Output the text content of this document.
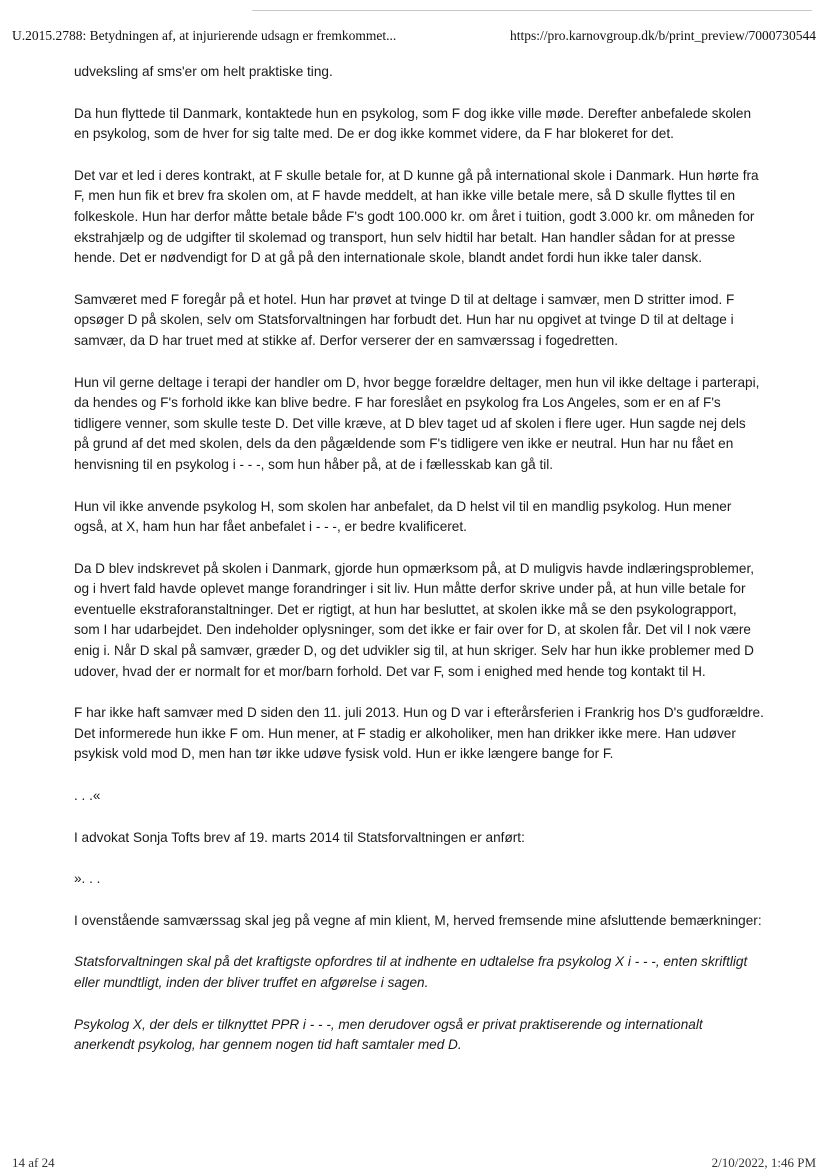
U.2015.2788: Betydningen af, at injurierende udsagn er fremkommet...	https://pro.karnovgroup.dk/b/print_preview/7000730544

udveksling af sms'er om helt praktiske ting.

Da hun flyttede til Danmark, kontaktede hun en psykolog, som F dog ikke ville møde. Derefter anbefalede skolen en psykolog, som de hver for sig talte med. De er dog ikke kommet videre, da F har blokeret for det.

Det var et led i deres kontrakt, at F skulle betale for, at D kunne gå på international skole i Danmark. Hun hørte fra F, men hun fik et brev fra skolen om, at F havde meddelt, at han ikke ville betale mere, så D skulle flyttes til en folkeskole. Hun har derfor måtte betale både F's godt 100.000 kr. om året i tuition, godt 3.000 kr. om måneden for ekstrahjælp og de udgifter til skolemad og transport, hun selv hidtil har betalt. Han handler sådan for at presse hende. Det er nødvendigt for D at gå på den internationale skole, blandt andet fordi hun ikke taler dansk.

Samværet med F foregår på et hotel. Hun har prøvet at tvinge D til at deltage i samvær, men D stritter imod. F opsøger D på skolen, selv om Statsforvaltningen har forbudt det. Hun har nu opgivet at tvinge D til at deltage i samvær, da D har truet med at stikke af. Derfor verserer der en samværssag i fogedretten.

Hun vil gerne deltage i terapi der handler om D, hvor begge forældre deltager, men hun vil ikke deltage i parterapi, da hendes og F's forhold ikke kan blive bedre. F har foreslået en psykolog fra Los Angeles, som er en af F's tidligere venner, som skulle teste D. Det ville kræve, at D blev taget ud af skolen i flere uger. Hun sagde nej dels på grund af det med skolen, dels da den pågældende som F's tidligere ven ikke er neutral. Hun har nu fået en henvisning til en psykolog i - - -, som hun håber på, at de i fællesskab kan gå til.

Hun vil ikke anvende psykolog H, som skolen har anbefalet, da D helst vil til en mandlig psykolog. Hun mener også, at X, ham hun har fået anbefalet i - - -, er bedre kvalificeret.

Da D blev indskrevet på skolen i Danmark, gjorde hun opmærksom på, at D muligvis havde indlæringsproblemer, og i hvert fald havde oplevet mange forandringer i sit liv. Hun måtte derfor skrive under på, at hun ville betale for eventuelle ekstraforanstaltninger. Det er rigtigt, at hun har besluttet, at skolen ikke må se den psykolograpport, som I har udarbejdet. Den indeholder oplysninger, som det ikke er fair over for D, at skolen får. Det vil I nok være enig i. Når D skal på samvær, græder D, og det udvikler sig til, at hun skriger. Selv har hun ikke problemer med D udover, hvad der er normalt for et mor/barn forhold. Det var F, som i enighed med hende tog kontakt til H.

F har ikke haft samvær med D siden den 11. juli 2013. Hun og D var i efterårsferien i Frankrig hos D's gudforældre. Det informerede hun ikke F om. Hun mener, at F stadig er alkoholiker, men han drikker ikke mere. Han udøver psykisk vold mod D, men han tør ikke udøve fysisk vold. Hun er ikke længere bange for F.

. . .«

I advokat Sonja Tofts brev af 19. marts 2014 til Statsforvaltningen er anført:

». . .

I ovenstående samværssag skal jeg på vegne af min klient, M, herved fremsende mine afsluttende bemærkninger:

Statsforvaltningen skal på det kraftigste opfordres til at indhente en udtalelse fra psykolog X i - - -, enten skriftligt eller mundtligt, inden der bliver truffet en afgørelse i sagen.

Psykolog X, der dels er tilknyttet PPR i - - -, men derudover også er privat praktiserende og internationalt anerkendt psykolog, har gennem nogen tid haft samtaler med D.

14 af 24	2/10/2022, 1:46 PM
